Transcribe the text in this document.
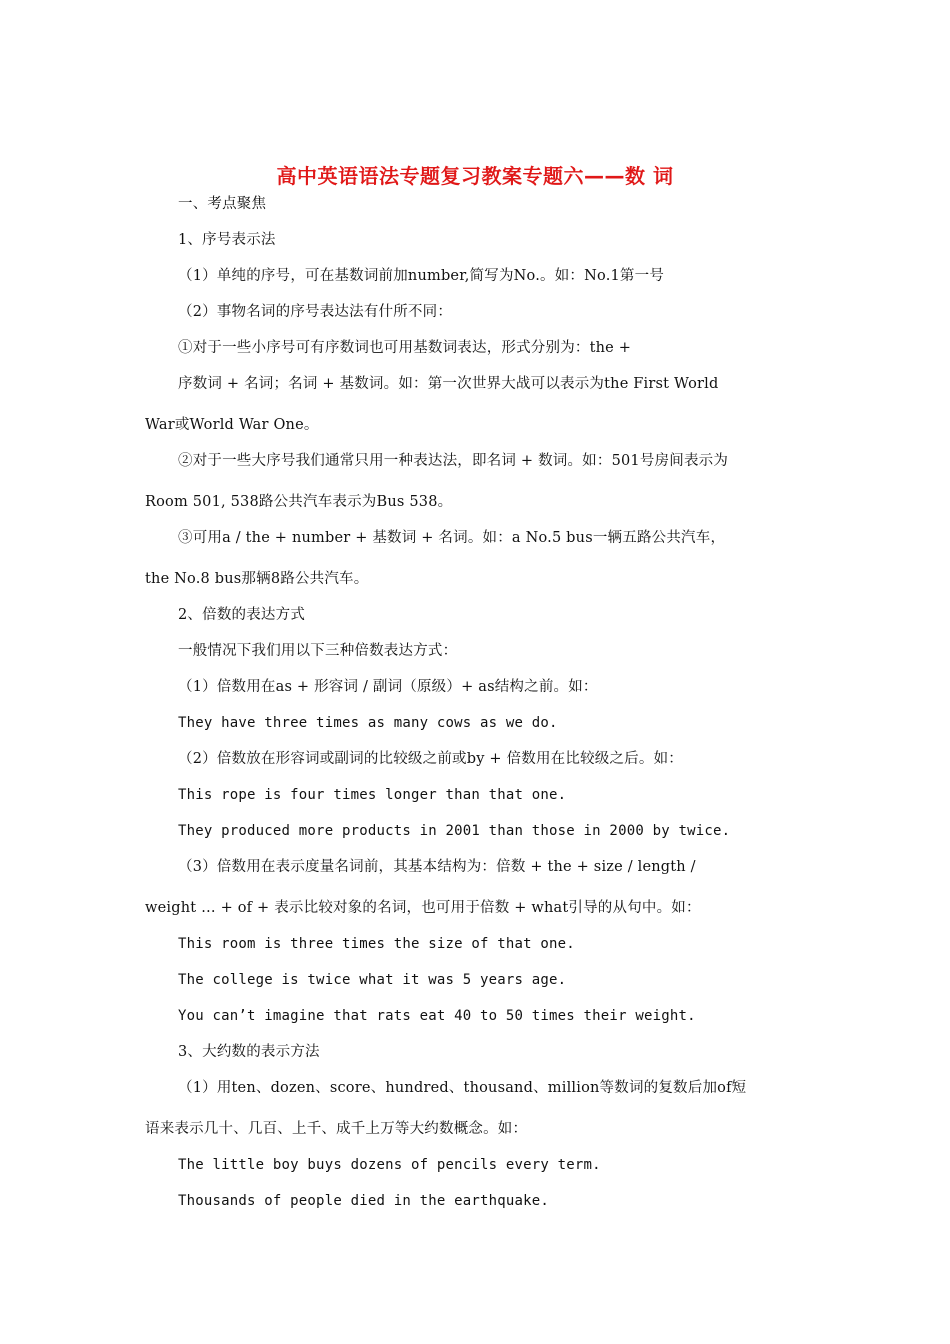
高中英语语法专题复习教案专题六——数 词
一、考点聚焦
1、序号表示法
（1）单纯的序号，可在基数词前加number,简写为No.。如：No.1第一号
（2）事物名词的序号表达法有什所不同：
①对于一些小序号可有序数词也可用基数词表达，形式分别为：the +
序数词 + 名词；名词 + 基数词。如：第一次世界大战可以表示为the First World
War或World War One。
②对于一些大序号我们通常只用一种表达法，即名词 + 数词。如：501号房间表示为
Room 501, 538路公共汽车表示为Bus 538。
③可用a / the + number + 基数词 + 名词。如：a No.5 bus一辆五路公共汽车，
the No.8 bus那辆8路公共汽车。
2、倍数的表达方式
一般情况下我们用以下三种倍数表达方式：
（1）倍数用在as + 形容词 / 副词（原级）+ as结构之前。如：
They have three times as many cows as we do.
（2）倍数放在形容词或副词的比较级之前或by + 倍数用在比较级之后。如：
This rope is four times longer than that one.
They produced more products in 2001 than those in 2000 by twice.
（3）倍数用在表示度量名词前，其基本结构为：倍数 + the + size / length /
weight … + of + 表示比较对象的名词，也可用于倍数 + what引导的从句中。如：
This room is three times the size of that one.
The college is twice what it was 5 years age.
You can’t imagine that rats eat 40 to 50 times their weight.
3、大约数的表示方法
（1）用ten、dozen、score、hundred、thousand、million等数词的复数后加of短
语来表示几十、几百、上千、成千上万等大约数概念。如：
The little boy buys dozens of pencils every term.
Thousands of people died in the earthquake.
